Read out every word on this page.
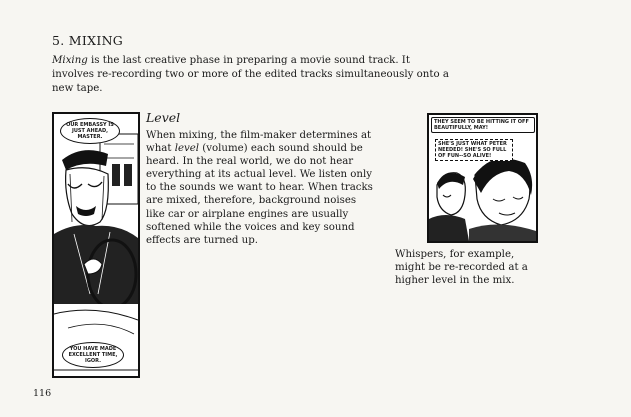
5. MIXING
Mixing is the last creative phase in preparing a movie sound track. It involves re-recording two or more of the edited tracks simultaneously onto a new tape.
OUR EMBASSY IS JUST AHEAD, MASTER.
YOU HAVE MADE EXCELLENT TIME, IGOR.
Level
When mixing, the film-maker determines at what level (volume) each sound should be heard. In the real world, we do not hear everything at its actual level. We listen only to the sounds we want to hear. When tracks are mixed, therefore, background noises like car or airplane engines are usually softened while the voices and key sound effects are turned up.
THEY SEEM TO BE HITTING IT OFF BEAUTIFULLY, MAY!
SHE'S JUST WHAT PETER NEEDED! SHE'S SO FULL OF FUN--SO ALIVE!
Whispers, for example, might be re-recorded at a higher level in the mix.
116
